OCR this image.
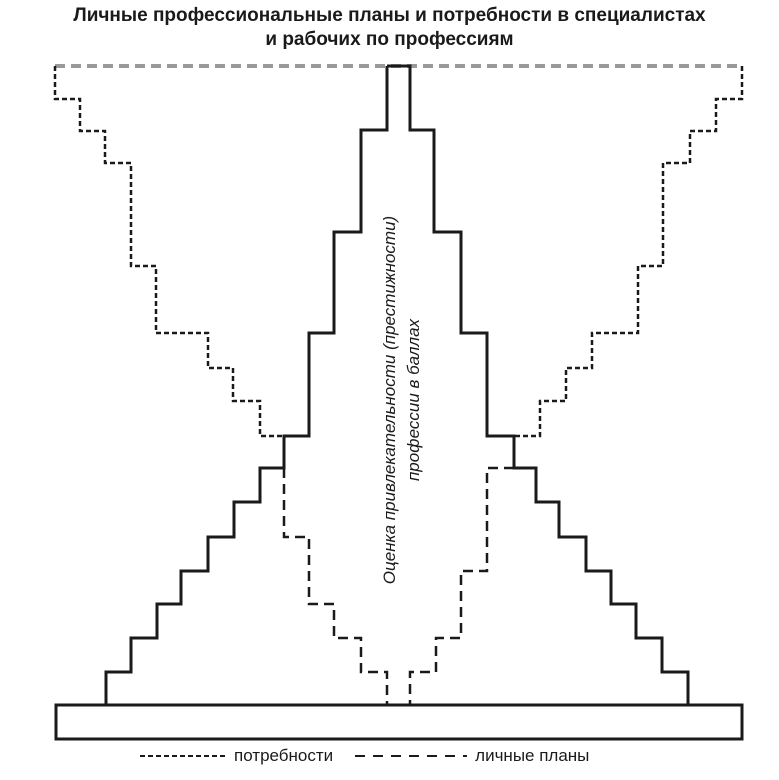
Личные профессиональные планы и потребности в специалистах
и рабочих по профессиям
Оценка привлекательности (престижности) профессии в баллах
потребности	личные планы
